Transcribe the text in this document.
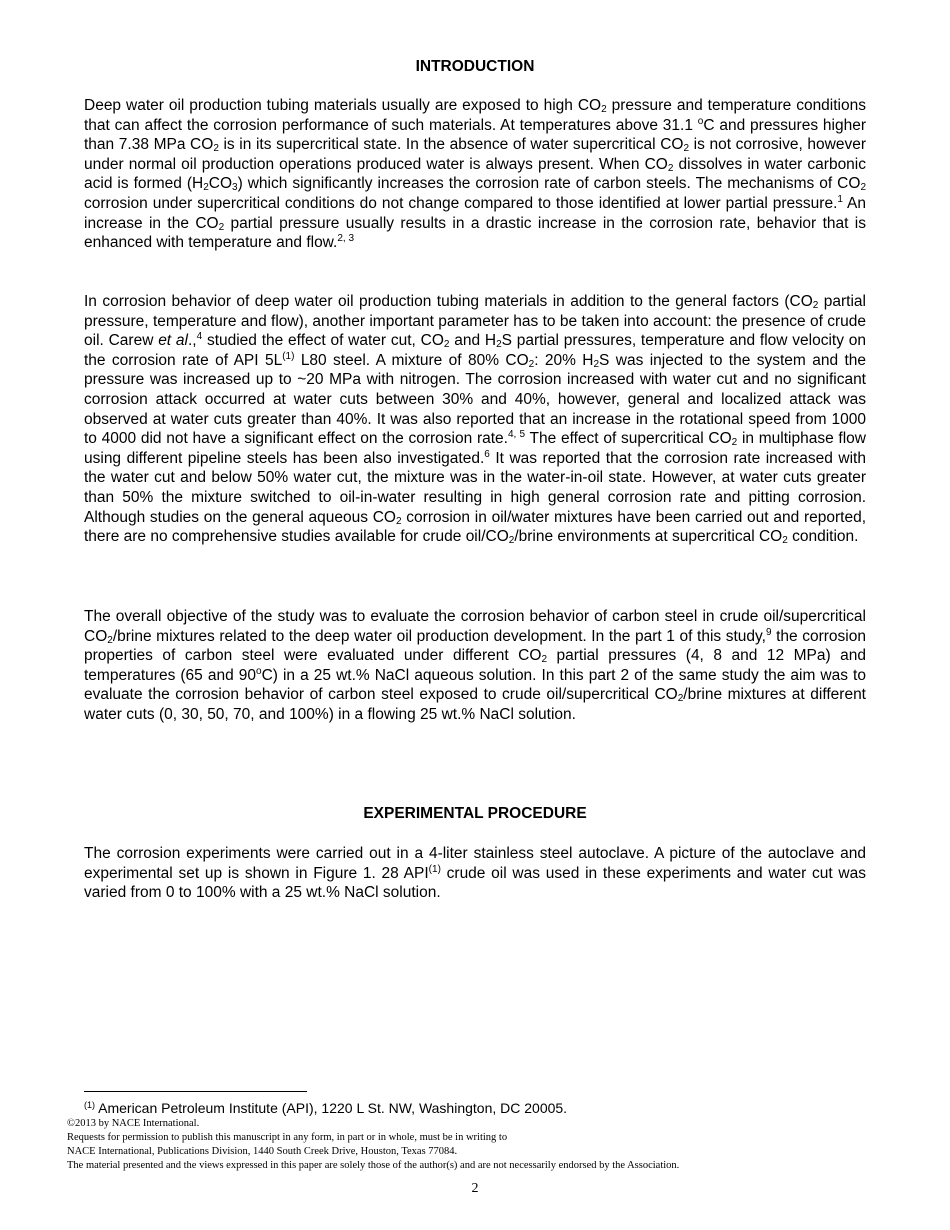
INTRODUCTION

Deep water oil production tubing materials usually are exposed to high $CO_2$ pressure and temperature conditions that can affect the corrosion performance of such materials. At temperatures above 31.1 $^o$C and pressures higher than 7.38 MPa $CO_2$ is in its supercritical state. In the absence of water supercritical $CO_2$ is not corrosive, however under normal oil production operations produced water is always present. When $CO_2$ dissolves in water carbonic acid is formed $(H_2CO_3)$ which significantly increases the corrosion rate of carbon steels. The mechanisms of $CO_2$ corrosion under supercritical conditions do not change compared to those identified at lower partial pressure.$^1$ An increase in the $CO_2$ partial pressure usually results in a drastic increase in the corrosion rate, behavior that is enhanced with temperature and flow.$^{2, 3}$

In corrosion behavior of deep water oil production tubing materials in addition to the general factors ($CO_2$ partial pressure, temperature and flow), another important parameter has to be taken into account: the presence of crude oil. Carew et al.,$^4$ studied the effect of water cut, $CO_2$ and $H_2S$ partial pressures, temperature and flow velocity on the corrosion rate of API $5L^{(1)}$ L80 steel. A mixture of 80% $CO_2$: 20% $H_2S$ was injected to the system and the pressure was increased up to ~20 MPa with nitrogen. The corrosion increased with water cut and no significant corrosion attack occurred at water cuts between 30% and 40%, however, general and localized attack was observed at water cuts greater than 40%. It was also reported that an increase in the rotational speed from 1000 to 4000 did not have a significant effect on the corrosion rate.$^{4, 5}$ The effect of supercritical $CO_2$ in multiphase flow using different pipeline steels has been also investigated.$^6$ It was reported that the corrosion rate increased with the water cut and below 50% water cut, the mixture was in the water-in-oil state. However, at water cuts greater than 50% the mixture switched to oil-in-water resulting in high general corrosion rate and pitting corrosion. Although studies on the general aqueous $CO_2$ corrosion in oil/water mixtures have been carried out and reported, there are no comprehensive studies available for crude oil/$CO_2$/brine environments at supercritical $CO_2$ condition.

The overall objective of the study was to evaluate the corrosion behavior of carbon steel in crude oil/supercritical $CO_2$/brine mixtures related to the deep water oil production development. In the part 1 of this study,$^9$ the corrosion properties of carbon steel were evaluated under different $CO_2$ partial pressures (4, 8 and 12 MPa) and temperatures (65 and 90$^o$C) in a 25 wt.% NaCl aqueous solution. In this part 2 of the same study the aim was to evaluate the corrosion behavior of carbon steel exposed to crude oil/supercritical $CO_2$/brine mixtures at different water cuts (0, 30, 50, 70, and 100%) in a flowing 25 wt.% NaCl solution.

EXPERIMENTAL PROCEDURE

The corrosion experiments were carried out in a 4-liter stainless steel autoclave. A picture of the autoclave and experimental set up is shown in Figure 1. 28 API$^{(1)}$ crude oil was used in these experiments and water cut was varied from 0 to 100% with a 25 wt.% NaCl solution.

$^{(1)}$ American Petroleum Institute (API), 1220 L St. NW, Washington, DC 20005.
©2013 by NACE International.
Requests for permission to publish this manuscript in any form, in part or in whole, must be in writing to
NACE International, Publications Division, 1440 South Creek Drive, Houston, Texas 77084.
The material presented and the views expressed in this paper are solely those of the author(s) and are not necessarily endorsed by the Association.
2
